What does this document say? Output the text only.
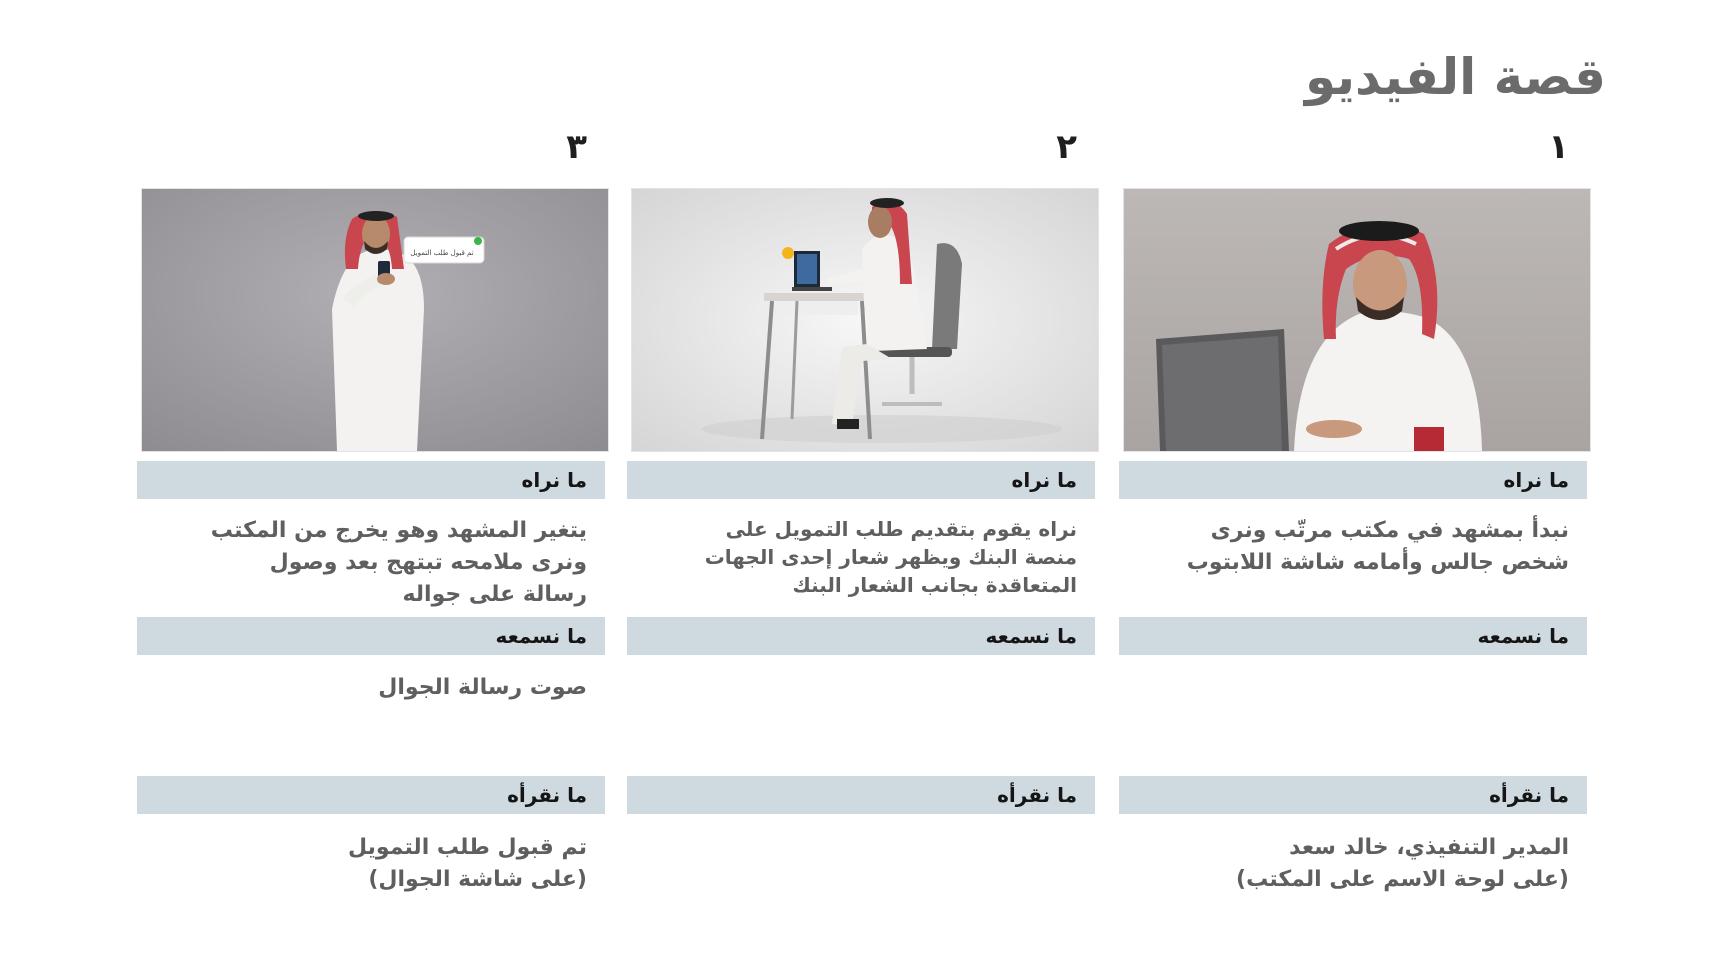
قصة الفيديو
١
ما نراه
نبدأ بمشهد في مكتب مرتّب ونرى
شخص جالس وأمامه شاشة اللابتوب
ما نسمعه
ما نقرأه
المدير التنفيذي، خالد سعد
(على لوحة الاسم على المكتب)
٢
ما نراه
نراه يقوم بتقديم طلب التمويل على
منصة البنك ويظهر شعار إحدى الجهات
المتعاقدة بجانب الشعار البنك
ما نسمعه
ما نقرأه
٣
تم قبول طلب التمويل
ما نراه
يتغير المشهد وهو يخرج من المكتب
ونرى ملامحه تبتهج بعد وصول
رسالة على جواله
ما نسمعه
صوت رسالة الجوال
ما نقرأه
تم قبول طلب التمويل
(على شاشة الجوال)
